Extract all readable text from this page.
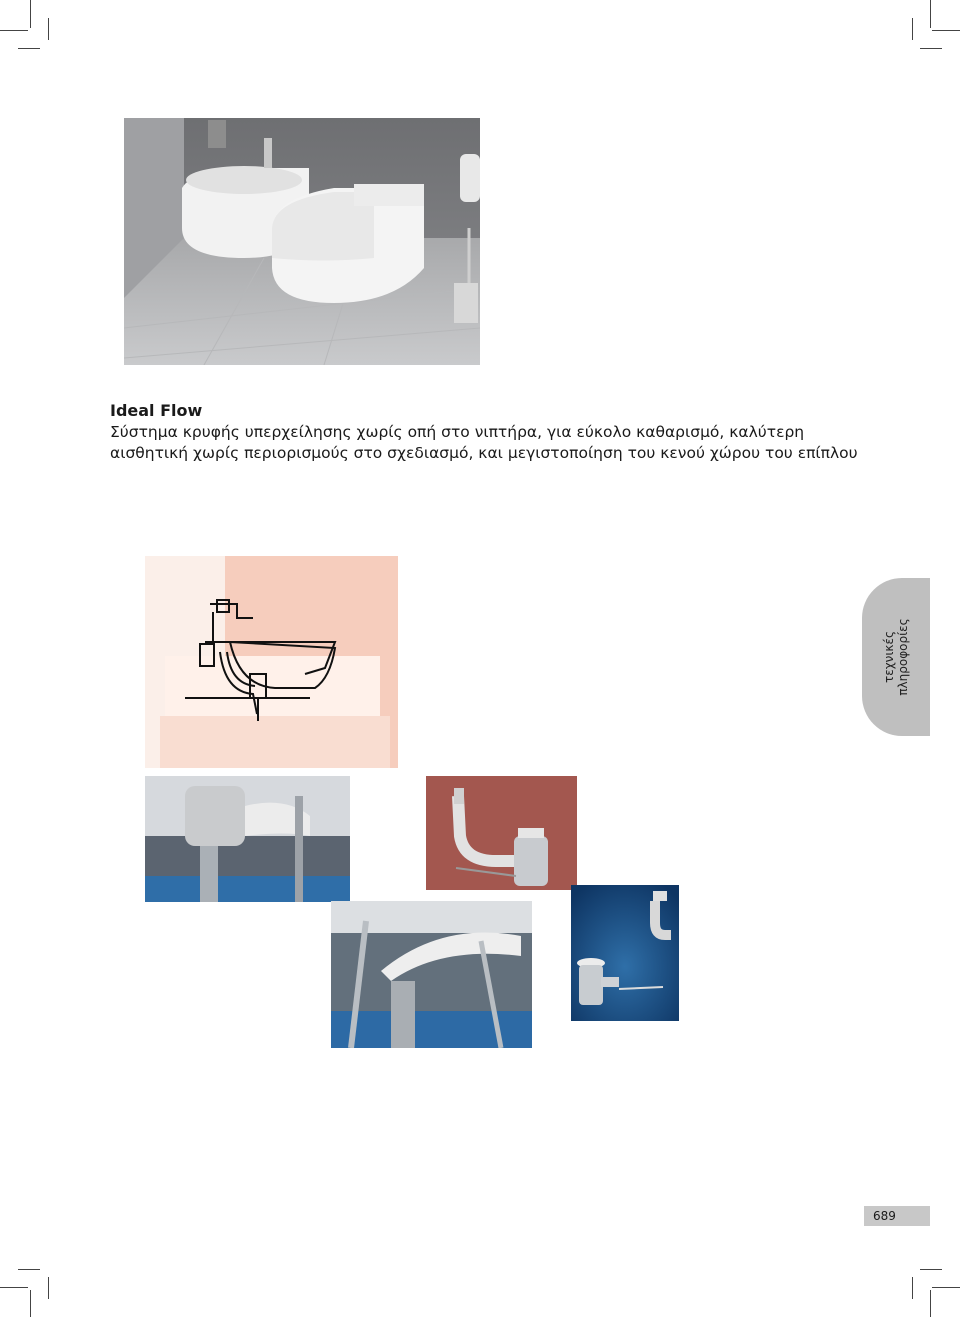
Ideal Flow
Σύστημα κρυφής υπερχείλησης χωρίς οπή στο νιπτήρα, για εύκολο καθαρισμό, καλύτερη αισθητική χωρίς περιορισμούς στο σχεδιασμό, και μεγιστοποίηση του κενού χώρου του επίπλου
τεχνικές πληροφορίες
689
